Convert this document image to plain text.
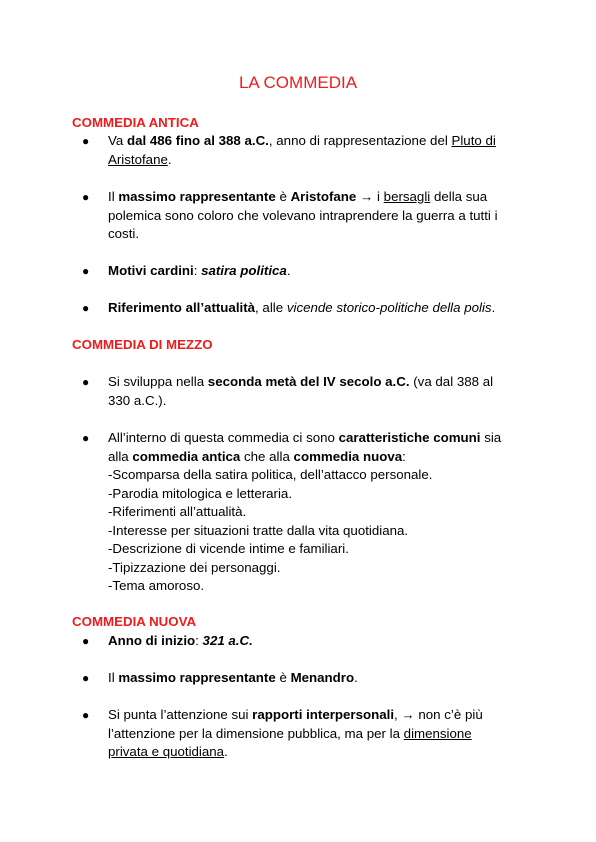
LA COMMEDIA
COMMEDIA ANTICA
● Va dal 486 fino al 388 a.C., anno di rappresentazione del Pluto di
Aristofane.
● Il massimo rappresentante è Aristofane → i bersagli della sua
polemica sono coloro che volevano intraprendere la guerra a tutti i
costi.
● Motivi cardini: satira politica.
● Riferimento all’attualità, alle vicende storico-politiche della polis.
COMMEDIA DI MEZZO
● Si sviluppa nella seconda metà del IV secolo a.C. (va dal 388 al
330 a.C.).
● All’interno di questa commedia ci sono caratteristiche comuni sia
alla commedia antica che alla commedia nuova:
-Scomparsa della satira politica, dell’attacco personale.
-Parodia mitologica e letteraria.
-Riferimenti all’attualità.
-Interesse per situazioni tratte dalla vita quotidiana.
-Descrizione di vicende intime e familiari.
-Tipizzazione dei personaggi.
-Tema amoroso.
COMMEDIA NUOVA
● Anno di inizio: 321 a.C.
● Il massimo rappresentante è Menandro.
● Si punta l’attenzione sui rapporti interpersonali, → non c’è più
l’attenzione per la dimensione pubblica, ma per la dimensione
privata e quotidiana.
